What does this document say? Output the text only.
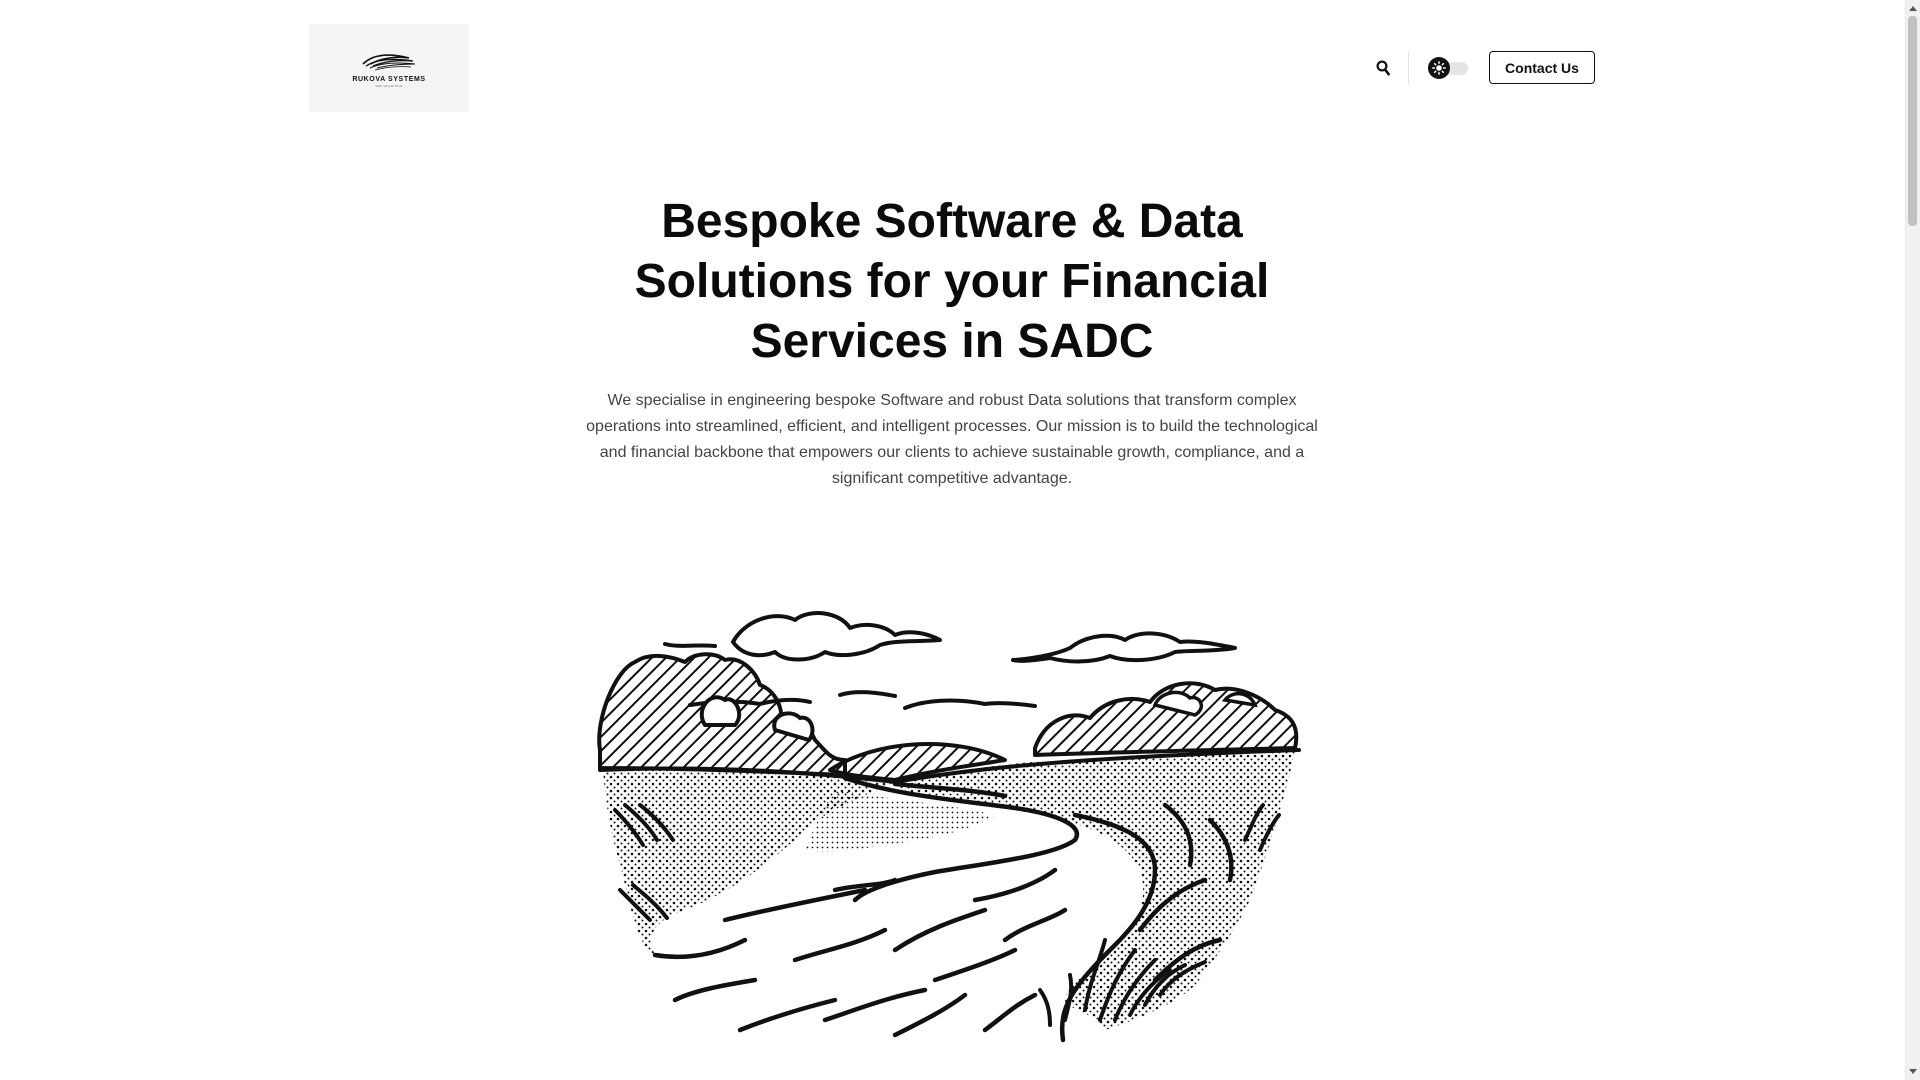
RUKOVA SYSTEMS
SPA HOLDINGS
Contact Us
Bespoke Software & Data Solutions for your Financial Services in SADC

We specialise in engineering bespoke Software and robust Data solutions that transform complex operations into streamlined, efficient, and intelligent processes. Our mission is to build the technological and financial backbone that empowers our clients to achieve sustainable growth, compliance, and a significant competitive advantage.
